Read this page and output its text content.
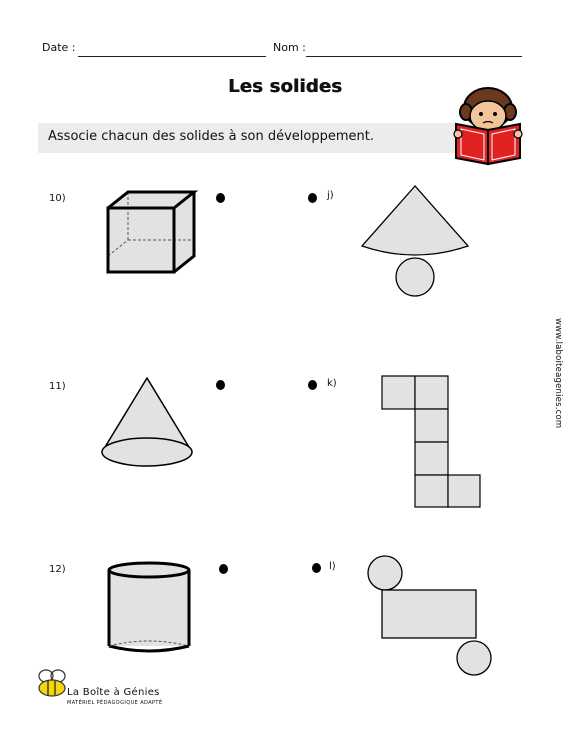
Date :	Nom :
Les solides
Associe chacun des solides à son développement.
10)	j)
11)	k)
12)	l)
www.laboiteagenies.com
La Boîte à Génies
MATÉRIEL PÉDAGOGIQUE ADAPTÉ
